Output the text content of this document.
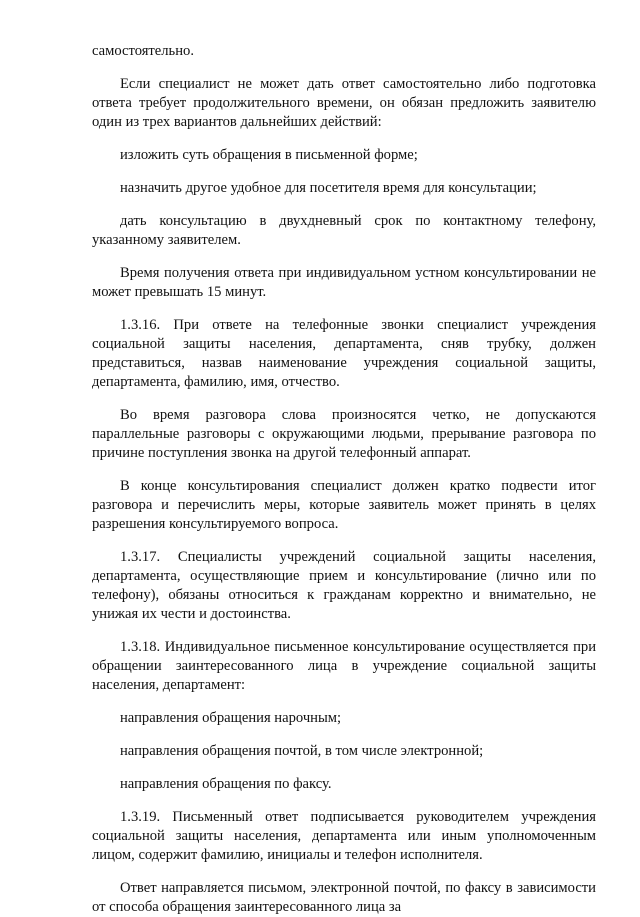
самостоятельно.

Если специалист не может дать ответ самостоятельно либо подготовка ответа требует продолжительного времени, он обязан предложить заявителю один из трех вариантов дальнейших действий:

изложить суть обращения в письменной форме;

назначить другое удобное для посетителя время для консультации;

дать консультацию в двухдневный срок по контактному телефону, указанному заявителем.

Время получения ответа при индивидуальном устном консультировании не может превышать 15 минут.

1.3.16. При ответе на телефонные звонки специалист учреждения социальной защиты населения, департамента, сняв трубку, должен представиться, назвав наименование учреждения социальной защиты, департамента, фамилию, имя, отчество.

Во время разговора слова произносятся четко, не допускаются параллельные разговоры с окружающими людьми, прерывание разговора по причине поступления звонка на другой телефонный аппарат.

В конце консультирования специалист должен кратко подвести итог разговора и перечислить меры, которые заявитель может принять в целях разрешения консультируемого вопроса.

1.3.17. Специалисты учреждений социальной защиты населения, департамента, осуществляющие прием и консультирование (лично или по телефону), обязаны относиться к гражданам корректно и внимательно, не унижая их чести и достоинства.

1.3.18. Индивидуальное письменное консультирование осуществляется при обращении заинтересованного лица в учреждение социальной защиты населения, департамент:

направления обращения нарочным;

направления обращения почтой, в том числе электронной;

направления обращения по факсу.

1.3.19. Письменный ответ подписывается руководителем учреждения социальной защиты населения, департамента или иным уполномоченным лицом, содержит фамилию, инициалы и телефон исполнителя.

Ответ направляется письмом, электронной почтой, по факсу в зависимости от способа обращения заинтересованного лица за
